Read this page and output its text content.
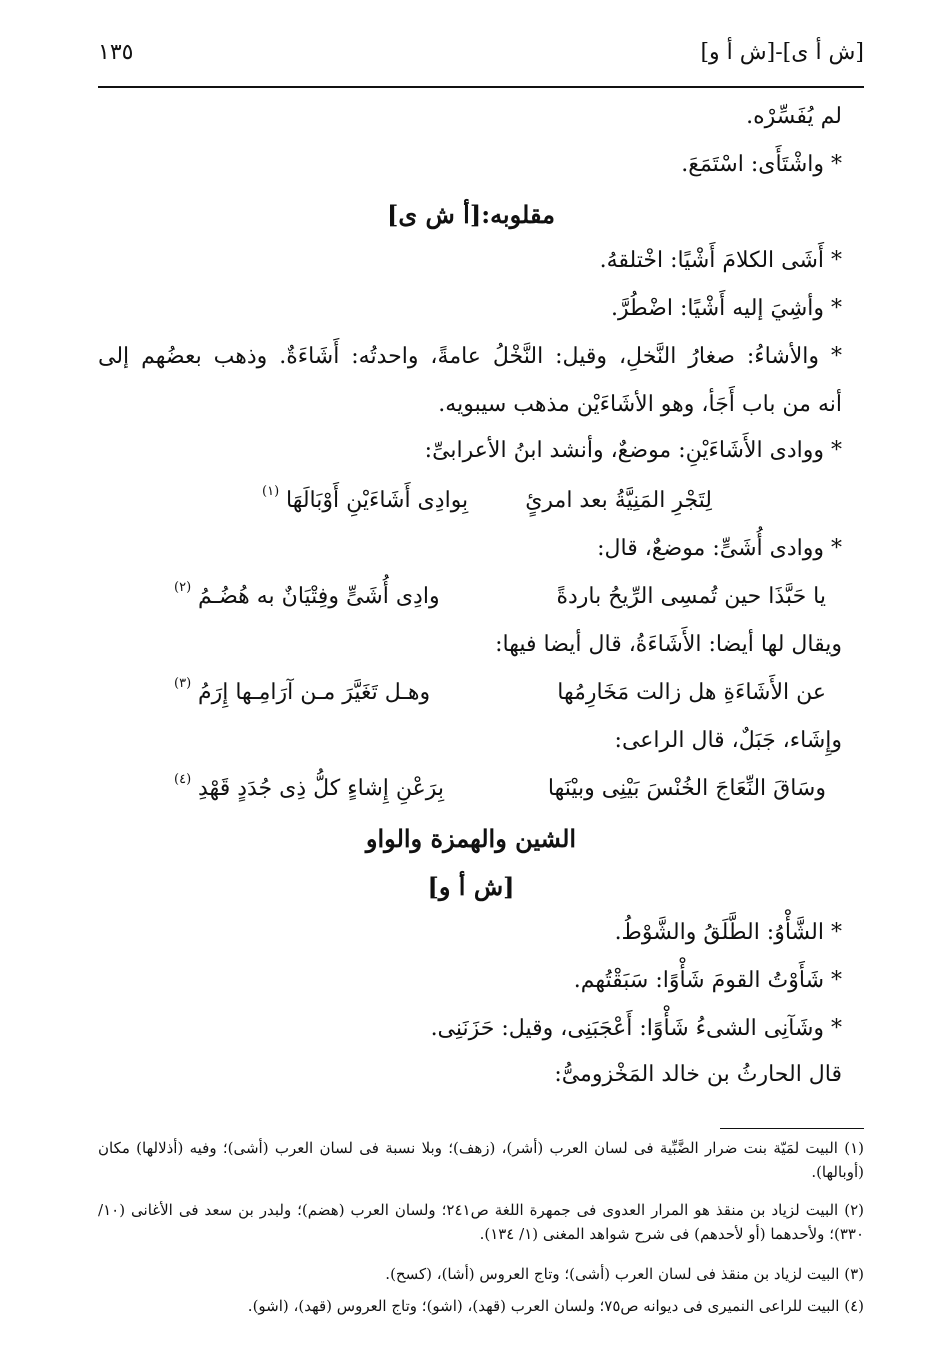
[ش أ ى]-[ش أ و]
١٣٥
لم يُفَسِّرْه.
* واشْتَأَى: اسْتَمَعَ.
مقلوبه:[أ ش ى]
* أَشَى الكلامَ أَشْيًا: اخْتلقهُ.
* وأشِيَ إليه أَشْيًا: اضْطُرَّ.
* والأشاءُ: صغارُ النَّخلِ، وقيل: النَّخْلُ عامةً، واحدتُه: أَشَاءَةٌ. وذهب بعضُهم إلى
أنه من باب أَجَأ، وهو الأشَاءَيْن مذهب سيبويه.
* ووادى الأَشَاءَيْنِ: موضعٌ، وأنشد ابنُ الأعرابىِّ:
لِتَجْرِ المَنِيَّةُ بعد امرئٍ
بِوادِى أَشَاءَيْنِ أَوْبَالَهَا
(١)
* ووادى أُشَىٍّ: موضعٌ، قال:
يا حَبَّذَا حين تُمسِى الرِّيحُ باردةً
وادِى أُشَىٍّ وفِتْيَانٌ به هُضُـمُ
(٢)
ويقال لها أيضا: الأَشَاءَةُ، قال أيضا فيها:
عن الأَشَاءَةِ هل زالت مَخَارِمُها
وهـل تَغَيَّرَ مـن آرَامِـها إِرَمُ
(٣)
وإِشَاء، جَبَلٌ، قال الراعى:
وسَاقَ النِّعَاجَ الخُنْسَ بَيْنِى وبيْنَها
بِرَعْنِ إِشاءٍ كلُّ ذِى جُدَدٍ قَهْدِ
(٤)
الشين والهمزة والواو
[ش أ و]
* الشَّأْوُ: الطَّلَقُ والشَّوْطُ.
* شَأَوْتُ القومَ شَأْوًا: سَبَقْتُهم.
* وشَآنِى الشىءُ شَأْوًا: أَعْجَبَنِى، وقيل: حَزَنَنِى.
قال الحارثُ بن خالد المَخْزومىُّ:
(١) البيت لمَيّة بنت ضرار الضَّبِّية فى لسان العرب (أشر)، (زهف)؛ وبلا نسبة فى لسان العرب (أشى)؛ وفيه (أذلالها) مكان (أوبالها).
(٢) البيت لزياد بن منقذ هو المرار العدوى فى جمهرة اللغة ص٢٤١؛ ولسان العرب (هضم)؛ ولبدر بن سعد فى الأغانى (١٠/ ٣٣٠)؛ ولأحدهما (أو لأحدهم) فى شرح شواهد المغنى (١/ ١٣٤).
(٣) البيت لزياد بن منقذ فى لسان العرب (أشى)؛ وتاج العروس (أشا)، (كسح).
(٤) البيت للراعى النميرى فى ديوانه ص٧٥؛ ولسان العرب (قهد)، (اشو)؛ وتاج العروس (قهد)، (اشو).
